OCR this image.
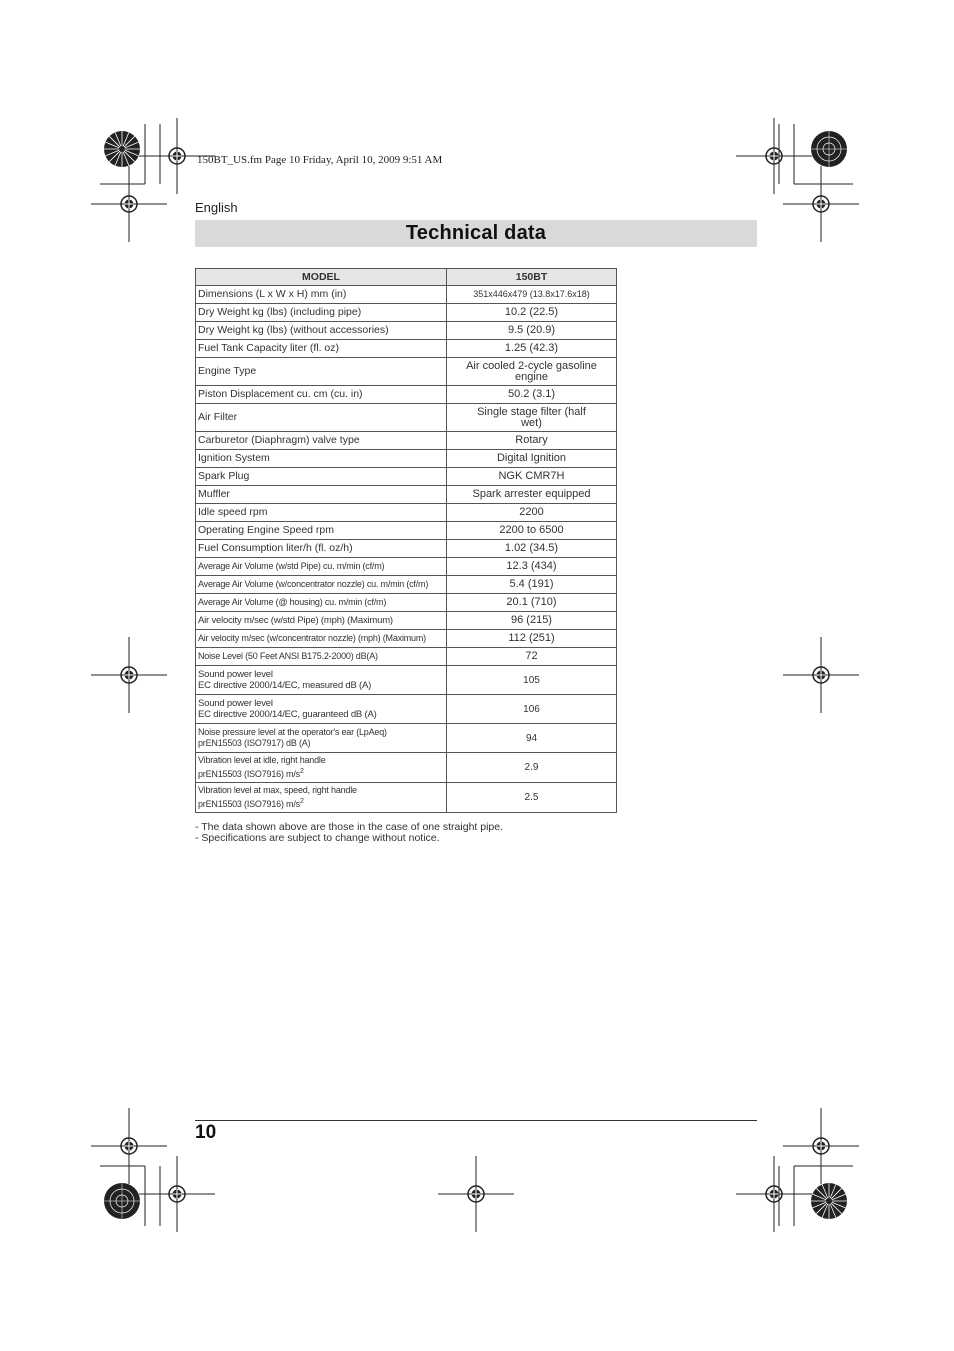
150BT_US.fm Page 10 Friday, April 10, 2009 9:51 AM
English
Technical data
MODEL	150BT
Dimensions (L x W x H) mm (in)	351x446x479 (13.8x17.6x18)
Dry Weight kg (lbs) (including pipe)	10.2 (22.5)
Dry Weight kg (lbs) (without accessories)	9.5 (20.9)
Fuel Tank Capacity liter (fl. oz)	1.25 (42.3)
Engine Type	Air cooled 2-cycle gasoline engine
Piston Displacement cu. cm (cu. in)	50.2 (3.1)
Air Filter	Single stage filter (half wet)
Carburetor (Diaphragm) valve type	Rotary
Ignition System	Digital Ignition
Spark Plug	NGK CMR7H
Muffler	Spark arrester equipped
Idle speed rpm	2200
Operating Engine Speed rpm	2200 to 6500
Fuel Consumption liter/h (fl. oz/h)	1.02 (34.5)
Average Air Volume (w/std Pipe) cu. m/min (cf/m)	12.3 (434)
Average Air Volume (w/concentrator nozzle) cu. m/min (cf/m)	5.4 (191)
Average Air Volume (@ housing) cu. m/min (cf/m)	20.1 (710)
Air velocity m/sec (w/std Pipe) (mph) (Maximum)	96 (215)
Air velocity m/sec (w/concentrator nozzle) (mph) (Maximum)	112 (251)
Noise Level (50 Feet ANSI B175.2-2000) dB(A)	72

Sound power level
EC directive 2000/14/EC, measured dB (A)	105

Sound power level
EC directive 2000/14/EC, guaranteed dB (A)	106

Noise pressure level at the operator's ear (LpAeq)
prEN15503 (ISO7917) dB (A)	94

Vibration level at idle, right handle
prEN15503 (ISO7916) $m/s^2$	2.9

Vibration level at max, speed, right handle
prEN15503 (ISO7916) $m/s^2$	2.5
- The data shown above are those in the case of one straight pipe.
- Specifications are subject to change without notice.
10
